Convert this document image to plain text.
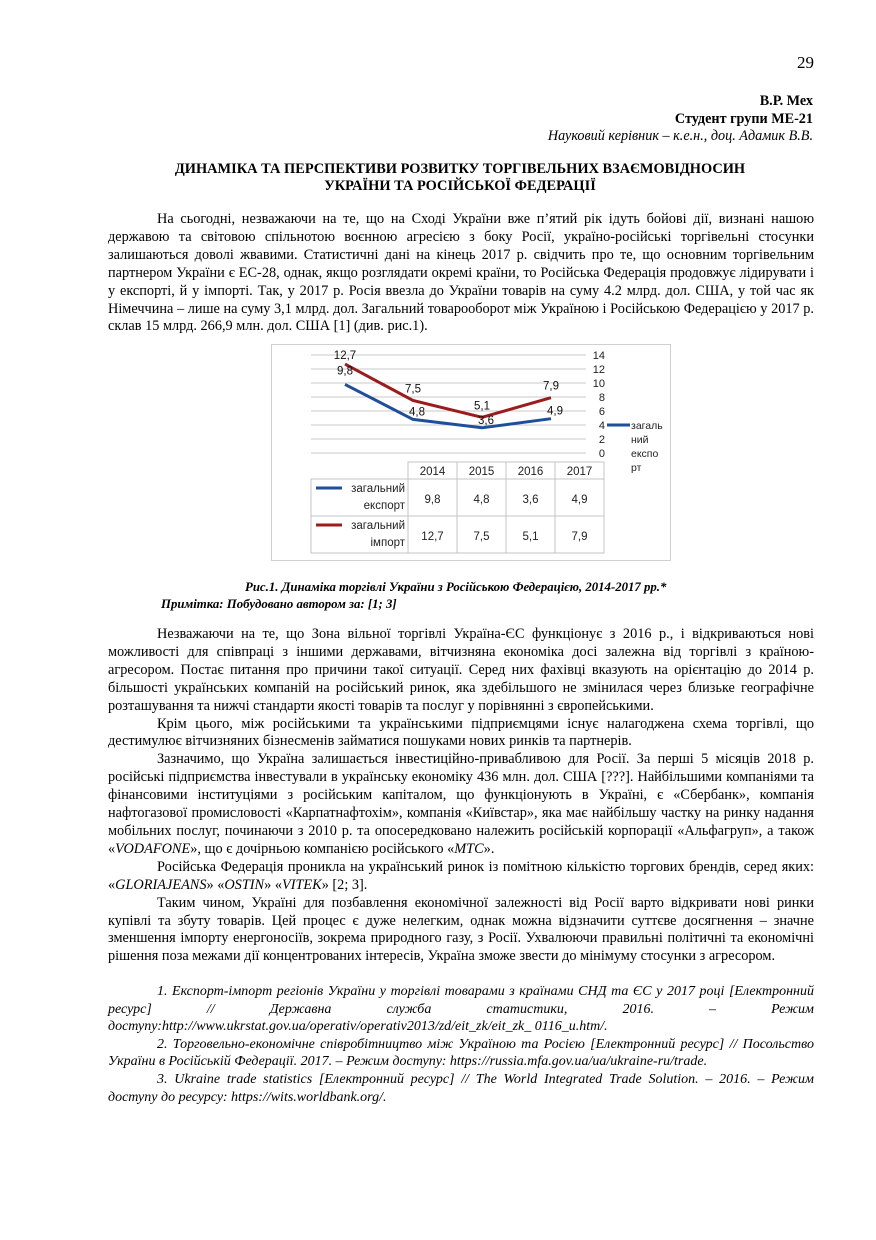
29
В.Р. Мех
Студент групи МЕ-21
Науковий керівник – к.е.н., доц. Адамик В.В.
ДИНАМІКА ТА ПЕРСПЕКТИВИ РОЗВИТКУ ТОРГІВЕЛЬНИХ ВЗАЄМОВІДНОСИН
УКРАЇНИ ТА РОСІЙСЬКОЇ ФЕДЕРАЦІЇ

На сьогодні, незважаючи на те, що на Сході України вже п’ятий рік ідуть бойові дії, визнані нашою державою та світовою спільнотою воєнною агресією з боку Росії, україно-російські торгівельні стосунки залишаються доволі жвавими. Статистичні дані на кінець 2017 р. свідчить про те, що основним торгівельним партнером України є ЕС-28, однак, якщо розглядати окремі країни, то Російська Федерація продовжує лідирувати і у експорті, й у імпорті. Так, у 2017 р. Росія ввезла до України товарів на суму 4.2 млрд. дол. США, у той час як Німеччина – лише на суму 3,1 млрд. дол. Загальний товарооборот між Україною і Російською Федерацією у 2017 р. склав 15 млрд. 266,9 млн. дол. США [1] (див. рис.1).

0
2
4
6
8
10
12
14
9,8
4,8
3,6
4,9
12,7
7,5
5,1
7,9
загаль
ний
експо
рт
2014 2015 2016 2017
загальний
експорт 9,8	4,8	3,6	4,9
загальний
імпорт 12,7	7,5	5,1	7,9
Рис.1. Динаміка торгівлі України з Російською Федерацією, 2014-2017 рр.*
Примітка: Побудовано автором за: [1; 3]

Незважаючи на те, що Зона вільної торгівлі Україна-ЄС функціонує з 2016 р., і відкриваються нові можливості для співпраці з іншими державами, вітчизняна економіка досі залежна від торгівлі з країною-агресором. Постає питання про причини такої ситуації. Серед них фахівці вказують на орієнтацію до 2014 р. більшості українських компаній на російський ринок, яка здебільшого не змінилася через близьке географічне розташування та нижчі стандарти якості товарів та послуг у порівнянні з європейськими.

Крім цього, між російськими та українськими підприємцями існує налагоджена схема торгівлі, що дестимулює вітчизняних бізнесменів займатися пошуками нових ринків та партнерів.

Зазначимо, що Україна залишається інвестиційно-привабливою для Росії. За перші 5 місяців 2018 р. російські підприємства інвестували в українську економіку 436 млн. дол. США [???]. Найбільшими компаніями та фінансовими інституціями з російським капіталом, що функціонують в Україні, є «Сбербанк», компанія нафтогазової промисловості «Карпатнафтохім», компанія «Київстар», яка має найбільшу частку на ринку надання мобільних послуг, починаючи з 2010 р. та опосередковано належить російській корпорації «Альфагруп», а також «VODAFONE», що є дочірньою компанією російського «МТС».

Російська Федерація проникла на український ринок із помітною кількістю торгових брендів, серед яких: «GLORIAJEANS» «OSTIN» «VITEK» [2; 3].

Таким чином, Україні для позбавлення економічної залежності від Росії варто відкривати нові ринки купівлі та збуту товарів. Цей процес є дуже нелегким, однак можна відзначити суттєве досягнення – значне зменшення імпорту енергоносіїв, зокрема природного газу, з Росії. Ухвалюючи правильні політичні та економічні рішення поза межами дії концентрованих інтересів, Україна зможе звести до мінімуму стосунки з агресором.

1. Експорт-імпорт регіонів України у торгівлі товарами з країнами СНД та ЄС у 2017 році [Електронний ресурс] // Державна служба статистики, 2016. – Режим доступу:http://www.ukrstat.gov.ua/operativ/operativ2013/zd/eit_zk/eit_zk_ 0116_u.htm/.

2. Торговельно-економічне співробітництво між Україною та Росією [Електронний ресурс] // Посольство України в Російській Федерації. 2017. – Режим доступу: https://russia.mfa.gov.ua/ua/ukraine-ru/trade.

3. Ukraine trade statistics [Електронний ресурс] // The World Integrated Trade Solution. – 2016. – Режим доступу до ресурсу: https://wits.worldbank.org/.
